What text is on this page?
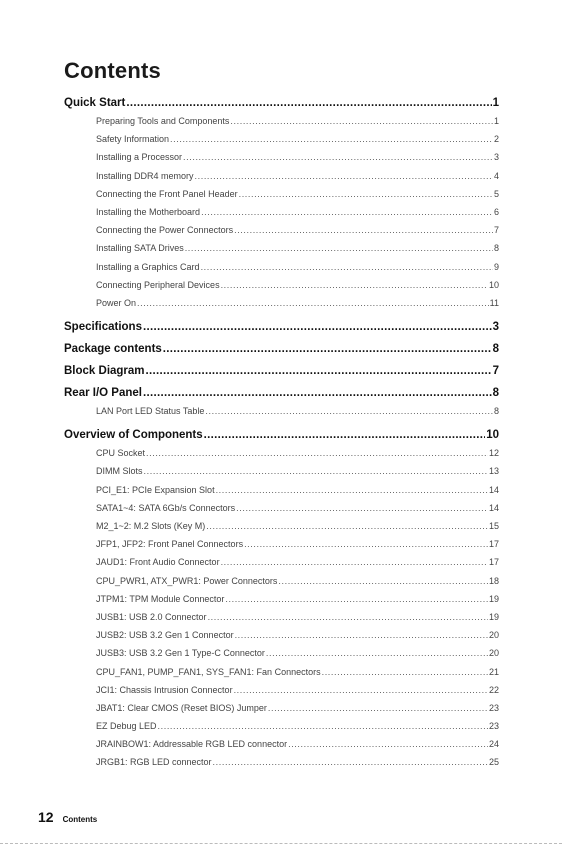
Contents
Quick Start .....	1
Preparing Tools and Components .....	1
Safety Information .....	2
Installing a Processor .....	3
Installing DDR4 memory .....	4
Connecting the Front Panel Header .....	5
Installing the Motherboard .....	6
Connecting the Power Connectors .....	7
Installing SATA Drives .....	8
Installing a Graphics Card .....	9
Connecting Peripheral Devices .....	10
Power On .....	11
Specifications .....	3
Package contents .....	8
Block Diagram .....	7
Rear I/O Panel .....	8
LAN Port LED Status Table .....	8
Overview of Components .....	10
CPU Socket .....	12
DIMM Slots .....	13
PCI_E1: PCIe Expansion Slot .....	14
SATA1~4: SATA 6Gb/s Connectors .....	14
M2_1~2: M.2 Slots (Key M) .....	15
JFP1, JFP2: Front Panel Connectors .....	17
JAUD1: Front Audio Connector .....	17
CPU_PWR1, ATX_PWR1: Power Connectors .....	18
JTPM1: TPM Module Connector .....	19
JUSB1: USB 2.0 Connector .....	19
JUSB2: USB 3.2 Gen 1 Connector .....	20
JUSB3: USB 3.2 Gen 1 Type-C Connector .....	20
CPU_FAN1, PUMP_FAN1, SYS_FAN1: Fan Connectors .....	21
JCI1: Chassis Intrusion Connector .....	22
JBAT1: Clear CMOS (Reset BIOS) Jumper .....	23
EZ Debug LED .....	23
JRAINBOW1: Addressable RGB LED connector .....	24
JRGB1: RGB LED connector .....	25
12 Contents
